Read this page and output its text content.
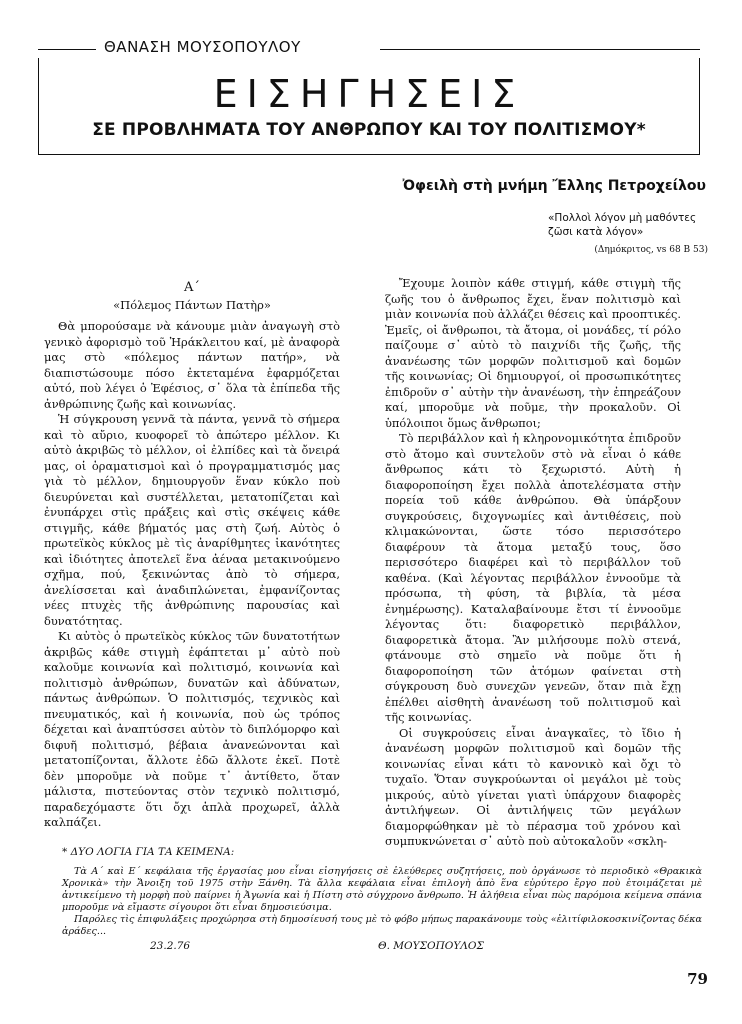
ΘΑΝΑΣΗ ΜΟΥΣΟΠΟΥΛΟΥ
ΕΙΣΗΓΗΣΕΙΣ
ΣΕ ΠΡΟΒΛΗΜΑΤΑ ΤΟΥ ΑΝΘΡΩΠΟΥ ΚΑΙ ΤΟΥ ΠΟΛΙΤΙΣΜΟΥ*
Ὀφειλὴ στὴ μνήμη Ἔλλης Πετροχείλου
«Πολλοὶ λόγον μὴ μαθόντες ζῶσι κατὰ λόγον»
(Δημόκριτος, vs 68 B 53)
Α´
«Πόλεμος Πάντων Πατὴρ»

Θὰ μπορούσαμε νὰ κάνουμε μιὰν ἀναγωγὴ στὸ γενικὸ ἀφορισμὸ τοῦ Ἡράκλειτου καί, μὲ ἀναφορὰ μας στὸ «πόλεμος πάντων πατήρ», νὰ διαπιστώσουμε πόσο ἐκτεταμένα ἐφαρμόζεται αὐτό, ποὺ λέγει ὁ Ἐφέσιος, σ᾽ ὅλα τὰ ἐπίπεδα τῆς ἀνθρώπινης ζωῆς καὶ κοινωνίας.

Ἡ σύγκρουση γεννᾶ τὰ πάντα, γεννᾶ τὸ σήμερα καὶ τὸ αὔριο, κυοφορεῖ τὸ ἀπώτερο μέλλον. Κι αὐτὸ ἀκριβῶς τὸ μέλλον, οἱ ἐλπίδες καὶ τὰ ὄνειρά μας, οἱ ὁραματισμοὶ καὶ ὁ προγραμματισμός μας γιὰ τὸ μέλλον, δημιουργοῦν ἕναν κύκλο ποὺ διευρύνεται καὶ συστέλλεται, μετατοπίζεται καὶ ἐνυπάρχει στὶς πράξεις καὶ στὶς σκέψεις κάθε στιγμῆς, κάθε βήματός μας στὴ ζωή. Αὐτὸς ὁ πρωτεϊκὸς κύκλος μὲ τὶς ἀναρίθμητες ἱκανότητες καὶ ἰδιότητες ἀποτελεῖ ἕνα ἀέναα μετακινούμενο σχῆμα, πού, ξεκινώντας ἀπὸ τὸ σήμερα, ἀνελίσσεται καὶ ἀναδιπλώνεται, ἐμφανίζοντας νέες πτυχὲς τῆς ἀνθρώπινης παρουσίας καὶ δυνατότητας.

Κι αὐτὸς ὁ πρωτεϊκὸς κύκλος τῶν δυνατοτήτων ἀκριβῶς κάθε στιγμὴ ἐφάπτεται μ᾽ αὐτὸ ποὺ καλοῦμε κοινωνία καὶ πολιτισμό, κοινωνία καὶ πολιτισμὸ ἀνθρώπων, δυνατῶν καὶ ἀδύνατων, πάντως ἀνθρώπων. Ὁ πολιτισμός, τεχνικὸς καὶ πνευματικός, καὶ ἡ κοινωνία, ποὺ ὡς τρόπος δέχεται καὶ ἀναπτύσσει αὐτὸν τὸ διπλόμορφο καὶ διφυῆ πολιτισμό, βέβαια ἀνανεώνονται καὶ μετατοπίζονται, ἄλλοτε ἐδῶ ἄλλοτε ἐκεῖ. Ποτὲ δὲν μποροῦμε νὰ ποῦμε τ᾽ ἀντίθετο, ὅταν μάλιστα, πιστεύοντας στὸν τεχνικὸ πολιτισμό, παραδεχόμαστε ὅτι ὄχι ἁπλὰ προχωρεῖ, ἀλλὰ καλπάζει.

Ἔχουμε λοιπὸν κάθε στιγμή, κάθε στιγμὴ τῆς ζωῆς του ὁ ἄνθρωπος ἔχει, ἕναν πολιτισμὸ καὶ μιὰν κοινωνία ποὺ ἀλλάζει θέσεις καὶ προοπτικές. Ἐμεῖς, οἱ ἄνθρωποι, τὰ ἄτομα, οἱ μονάδες, τί ρόλο παίζουμε σ᾽ αὐτὸ τὸ παιχνίδι τῆς ζωῆς, τῆς ἀνανέωσης τῶν μορφῶν πολιτισμοῦ καὶ δομῶν τῆς κοινωνίας; Οἱ δημιουργοί, οἱ προσωπικότητες ἐπιδροῦν σ᾽ αὐτὴν τὴν ἀνανέωση, τὴν ἐπηρεάζουν καί, μποροῦμε νὰ ποῦμε, τὴν προκαλοῦν. Οἱ ὑπόλοιποι ὅμως ἄνθρωποι;

Τὸ περιβάλλον καὶ ἡ κληρονομικότητα ἐπιδροῦν στὸ ἄτομο καὶ συντελοῦν στὸ νὰ εἶναι ὁ κάθε ἄνθρωπος κάτι τὸ ξεχωριστό. Αὐτὴ ἡ διαφοροποίηση ἔχει πολλὰ ἀποτελέσματα στὴν πορεία τοῦ κάθε ἀνθρώπου. Θὰ ὑπάρξουν συγκρούσεις, διχογνωμίες καὶ ἀντιθέσεις, ποὺ κλιμακώνονται, ὥστε τόσο περισσότερο διαφέρουν τὰ ἄτομα μεταξύ τους, ὅσο περισσότερο διαφέρει καὶ τὸ περιβάλλον τοῦ καθένα. (Καὶ λέγοντας περιβάλλον ἐννοοῦμε τὰ πρόσωπα, τὴ φύση, τὰ βιβλία, τὰ μέσα ἐνημέρωσης). Καταλαβαίνουμε ἔτσι τί ἐννοοῦμε λέγοντας ὅτι: διαφορετικὸ περιβάλλον, διαφορετικὰ ἄτομα. Ἂν μιλήσουμε πολὺ στενά, φτάνουμε στὸ σημεῖο νὰ ποῦμε ὅτι ἡ διαφοροποίηση τῶν ἀτόμων φαίνεται στὴ σύγκρουση δυὸ συνεχῶν γενεῶν, ὅταν πιὰ ἔχῃ ἐπέλθει αἰσθητὴ ἀνανέωση τοῦ πολιτισμοῦ καὶ τῆς κοινωνίας.

Οἱ συγκρούσεις εἶναι ἀναγκαῖες, τὸ ἴδιο ἡ ἀνανέωση μορφῶν πολιτισμοῦ καὶ δομῶν τῆς κοινωνίας εἶναι κάτι τὸ κανονικὸ καὶ ὄχι τὸ τυχαῖο. Ὅταν συγκρούωνται οἱ μεγάλοι μὲ τοὺς μικρούς, αὐτὸ γίνεται γιατὶ ὑπάρχουν διαφορὲς ἀντιλήψεων. Οἱ ἀντιλήψεις τῶν μεγάλων διαμορφώθηκαν μὲ τὸ πέρασμα τοῦ χρόνου καὶ συμπυκνώνεται σ᾽ αὐτὸ ποὺ αὐτοκαλοῦν «σκλη-

* ΔΥΟ ΛΟΓΙΑ ΓΙΑ ΤΑ ΚΕΙΜΕΝΑ:

Τὰ Α´ καὶ Ε´ κεφάλαια τῆς ἐργασίας μου εἶναι εἰσηγήσεις σὲ ἐλεύθερες συζητήσεις, ποὺ ὀργάνωσε τὸ περιοδικὸ «Θρακικὰ Χρονικὰ» τὴν Ἄνοιξη τοῦ 1975 στὴν Ξάνθη. Τὰ ἄλλα κεφάλαια εἶναι ἐπιλογὴ ἀπὸ ἕνα εὐρύτερο ἔργο ποὺ ἑτοιμάζεται μὲ ἀντικείμενο τὴ μορφὴ ποὺ παίρνει ἡ Ἀγωνία καὶ ἡ Πίστη στὸ σύγχρονο ἄνθρωπο. Ἡ ἀλήθεια εἶναι πὼς παρόμοια κείμενα σπάνια μποροῦμε νὰ εἴμαστε σίγουροι ὅτι εἶναι δημοσιεύσιμα.

Παρόλες τὶς ἐπιφυλάξεις προχώρησα στὴ δημοσίευσή τους μὲ τὸ φόβο μήπως παρακάνουμε τοὺς «ἐλιτίφιλοκοσκινίζοντας δέκα ἀράδες...

23.2.76	Θ. ΜΟΥΣΟΠΟΥΛΟΣ
79
